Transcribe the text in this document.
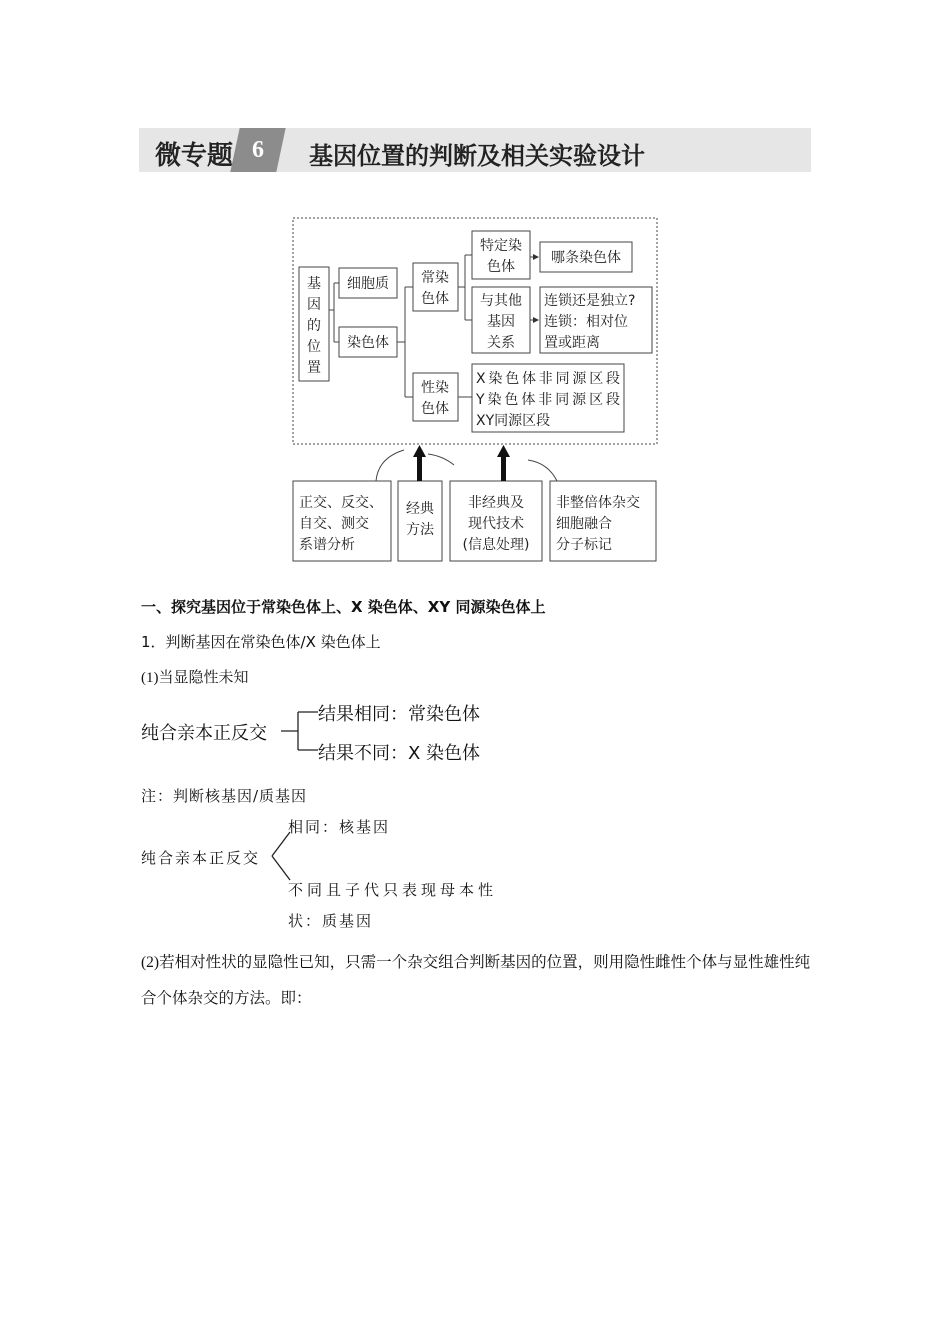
微专题 6	基因位置的判断及相关实验设计
基
因
的
位
置
细胞质
染色体
常染
色体
性染
色体
特定染
色体
与其他
基因
关系
哪条染色体
连锁还是独立?
连锁：相对位
置或距离
X染色体非同源区段
Y染色体非同源区段
XY同源区段
正交、反交、
自交、测交
系谱分析
经典
方法
非经典及
现代技术
(信息处理)
非整倍体杂交
细胞融合
分子标记
一、探究基因位于常染色体上、X 染色体、XY 同源染色体上
1．判断基因在常染色体/X 染色体上
(1)当显隐性未知
纯合亲本正反交
结果相同：常染色体
结果不同：X 染色体
注：判断核基因/质基因
纯合亲本正反交
相同：核基因
不同且子代只表现母本性
状：质基因
(2)若相对性状的显隐性已知，只需一个杂交组合判断基因的位置，则用隐性雌性个体与显性雄性纯合个体杂交的方法。即：
